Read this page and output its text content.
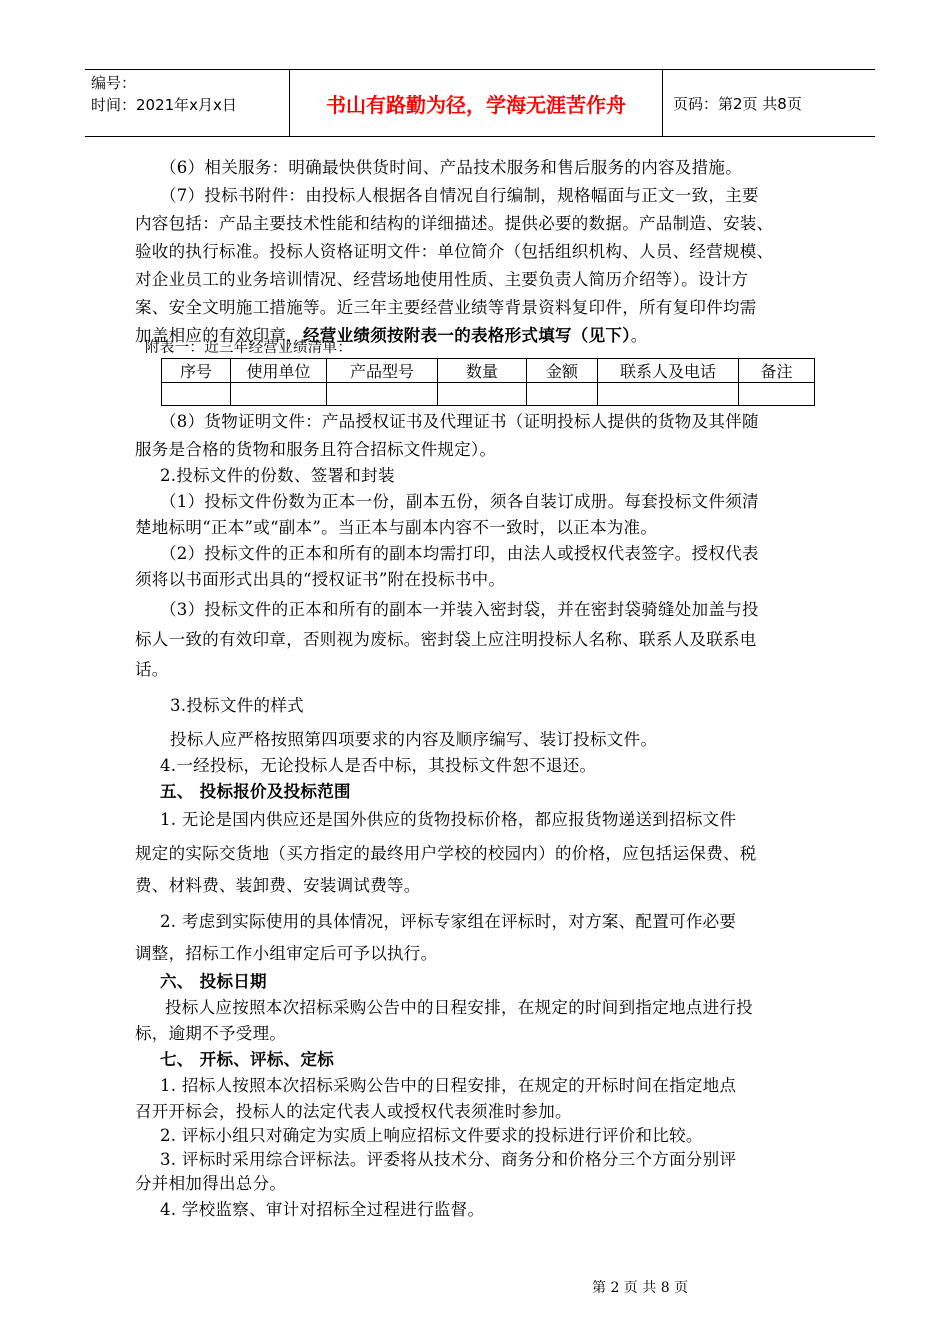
编号：
时间：2021年x月x日	书山有路勤为径，学海无涯苦作舟	页码：第2页 共8页
（6）相关服务：明确最快供货时间、产品技术服务和售后服务的内容及措施。
（7）投标书附件：由投标人根据各自情况自行编制，规格幅面与正文一致，主要
内容包括：产品主要技术性能和结构的详细描述。提供必要的数据。产品制造、安装、
验收的执行标准。投标人资格证明文件：单位简介（包括组织机构、人员、经营规模、
对企业员工的业务培训情况、经营场地使用性质、主要负责人简历介绍等）。设计方
案、安全文明施工措施等。近三年主要经营业绩等背景资料复印件，所有复印件均需
加盖相应的有效印章，经营业绩须按附表一的表格形式填写（见下）。
附表一：近三年经营业绩清单：
序号	使用单位	产品型号	数量	金额	联系人及电话	备注

（8）货物证明文件：产品授权证书及代理证书（证明投标人提供的货物及其伴随
服务是合格的货物和服务且符合招标文件规定）。
2.投标文件的份数、签署和封装
（1）投标文件份数为正本一份，副本五份，须各自装订成册。每套投标文件须清
楚地标明“正本”或“副本”。当正本与副本内容不一致时，以正本为准。
（2）投标文件的正本和所有的副本均需打印，由法人或授权代表签字。授权代表
须将以书面形式出具的“授权证书”附在投标书中。
（3）投标文件的正本和所有的副本一并装入密封袋，并在密封袋骑缝处加盖与投
标人一致的有效印章，否则视为废标。密封袋上应注明投标人名称、联系人及联系电
话。
3.投标文件的样式
投标人应严格按照第四项要求的内容及顺序编写、装订投标文件。
4.一经投标，无论投标人是否中标，其投标文件恕不退还。
五、 投标报价及投标范围
1. 无论是国内供应还是国外供应的货物投标价格，都应报货物递送到招标文件
规定的实际交货地（买方指定的最终用户学校的校园内）的价格，应包括运保费、税
费、材料费、装卸费、安装调试费等。
2. 考虑到实际使用的具体情况，评标专家组在评标时，对方案、配置可作必要
调整，招标工作小组审定后可予以执行。
六、 投标日期
投标人应按照本次招标采购公告中的日程安排，在规定的时间到指定地点进行投
标，逾期不予受理。
七、 开标、评标、定标
1. 招标人按照本次招标采购公告中的日程安排，在规定的开标时间在指定地点
召开开标会，投标人的法定代表人或授权代表须准时参加。
2. 评标小组只对确定为实质上响应招标文件要求的投标进行评价和比较。
3. 评标时采用综合评标法。评委将从技术分、商务分和价格分三个方面分别评
分并相加得出总分。
4. 学校监察、审计对招标全过程进行监督。
第 2 页 共 8 页
